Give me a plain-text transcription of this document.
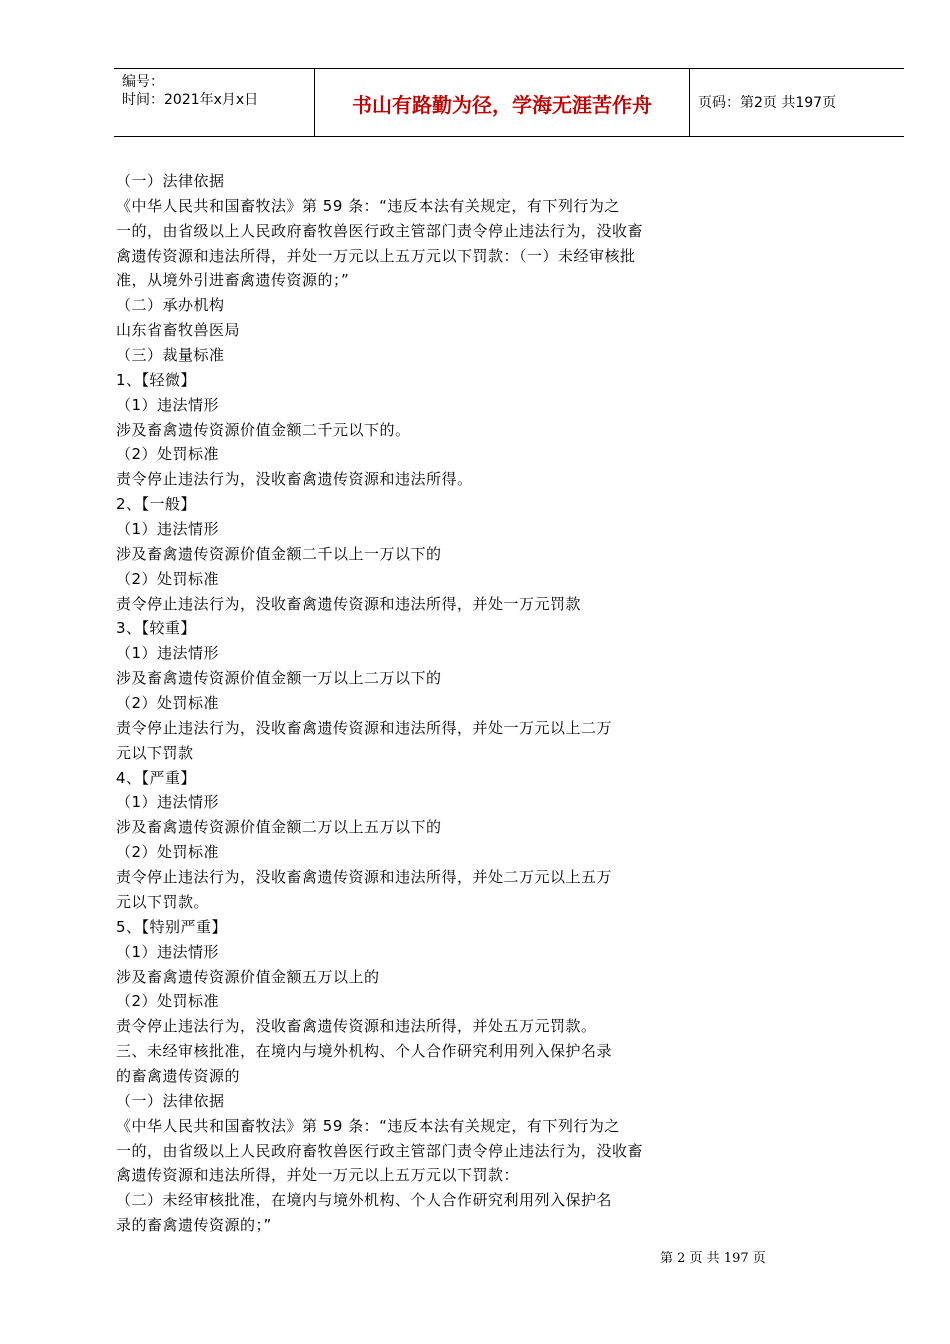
编号：
时间：2021年x月x日	书山有路勤为径，学海无涯苦作舟	页码：第2页 共197页
（一）法律依据
《中华人民共和国畜牧法》第 59 条：“违反本法有关规定，有下列行为之
一的，由省级以上人民政府畜牧兽医行政主管部门责令停止违法行为，没收畜
禽遗传资源和违法所得，并处一万元以上五万元以下罚款：（一）未经审核批
准，从境外引进畜禽遗传资源的；”
（二）承办机构
山东省畜牧兽医局
（三）裁量标准
1、【轻微】
（1）违法情形
涉及畜禽遗传资源价值金额二千元以下的。
（2）处罚标准
责令停止违法行为，没收畜禽遗传资源和违法所得。
2、【一般】
（1）违法情形
涉及畜禽遗传资源价值金额二千以上一万以下的
（2）处罚标准
责令停止违法行为，没收畜禽遗传资源和违法所得，并处一万元罚款
3、【较重】
（1）违法情形
涉及畜禽遗传资源价值金额一万以上二万以下的
（2）处罚标准
责令停止违法行为，没收畜禽遗传资源和违法所得，并处一万元以上二万
元以下罚款
4、【严重】
（1）违法情形
涉及畜禽遗传资源价值金额二万以上五万以下的
（2）处罚标准
责令停止违法行为，没收畜禽遗传资源和违法所得，并处二万元以上五万
元以下罚款。
5、【特别严重】
（1）违法情形
涉及畜禽遗传资源价值金额五万以上的
（2）处罚标准
责令停止违法行为，没收畜禽遗传资源和违法所得，并处五万元罚款。
三、未经审核批准，在境内与境外机构、个人合作研究利用列入保护名录
的畜禽遗传资源的
（一）法律依据
《中华人民共和国畜牧法》第 59 条：“违反本法有关规定，有下列行为之
一的，由省级以上人民政府畜牧兽医行政主管部门责令停止违法行为，没收畜
禽遗传资源和违法所得，并处一万元以上五万元以下罚款：
（二）未经审核批准，在境内与境外机构、个人合作研究利用列入保护名
录的畜禽遗传资源的；”
第 2 页 共 197 页
